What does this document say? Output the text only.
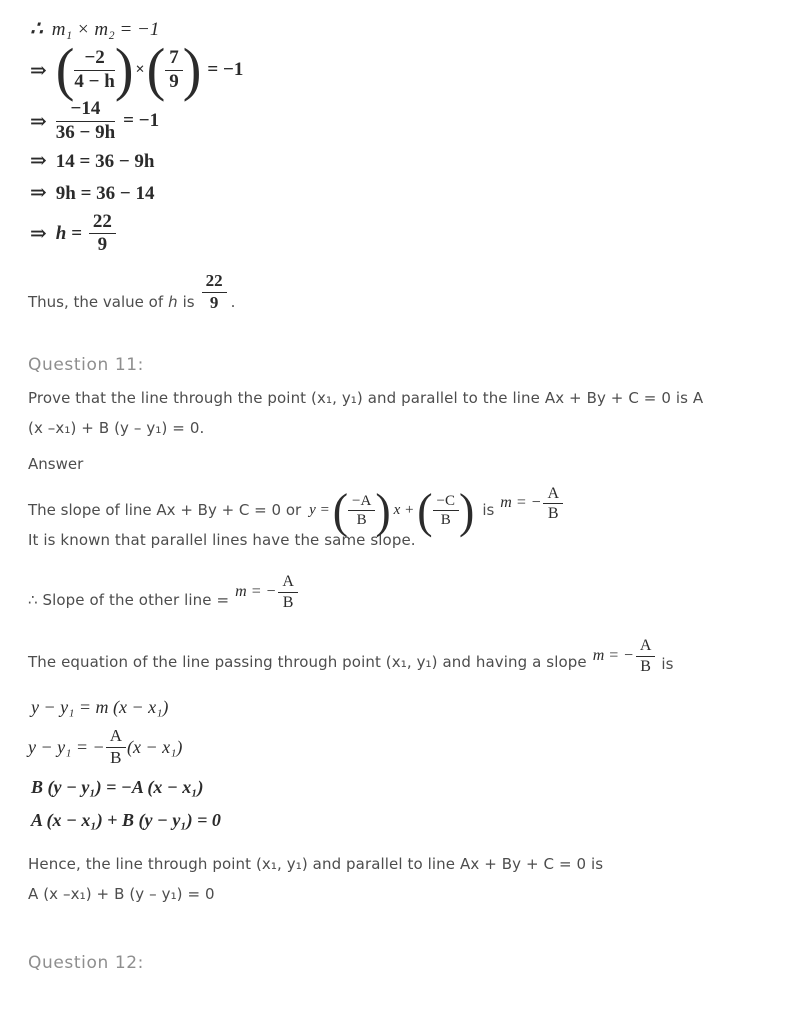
∴ m₁ × m₂ = −1
⇒ ( $\frac{-2}{4 - h}$ ) × ( $\frac{7}{9}$ ) = −1
⇒ $\frac{-14}{36 - 9h} = -1$
⇒ 14 = 36 − 9h
⇒ 9h = 36 − 14
⇒ $h = \frac{22}{9}$
Thus, the value of h is $\frac{22}{9}$ .
Question 11:
Prove that the line through the point (x₁, y₁) and parallel to the line Ax + By + C = 0 is A
(x –x₁) + B (y – y₁) = 0.
Answer
The slope of line Ax + By + C = 0 or y = ( $\frac{-A}{B}$ ) x + ( $\frac{-C}{B}$ ) is m = − $\frac{A}{B}$
It is known that parallel lines have the same slope.
∴ Slope of the other line = m = − $\frac{A}{B}$
The equation of the line passing through point (x₁, y₁) and having a slope m = − $\frac{A}{B}$ is
y − y₁ = m (x − x₁)
y − y₁ = − $\frac{A}{B} (x - x_1)$
B (y − y₁) = −A (x − x₁)
A (x − x₁) + B (y − y₁) = 0
Hence, the line through point (x₁, y₁) and parallel to line Ax + By + C = 0 is
A (x –x₁) + B (y – y₁) = 0
Question 12:
